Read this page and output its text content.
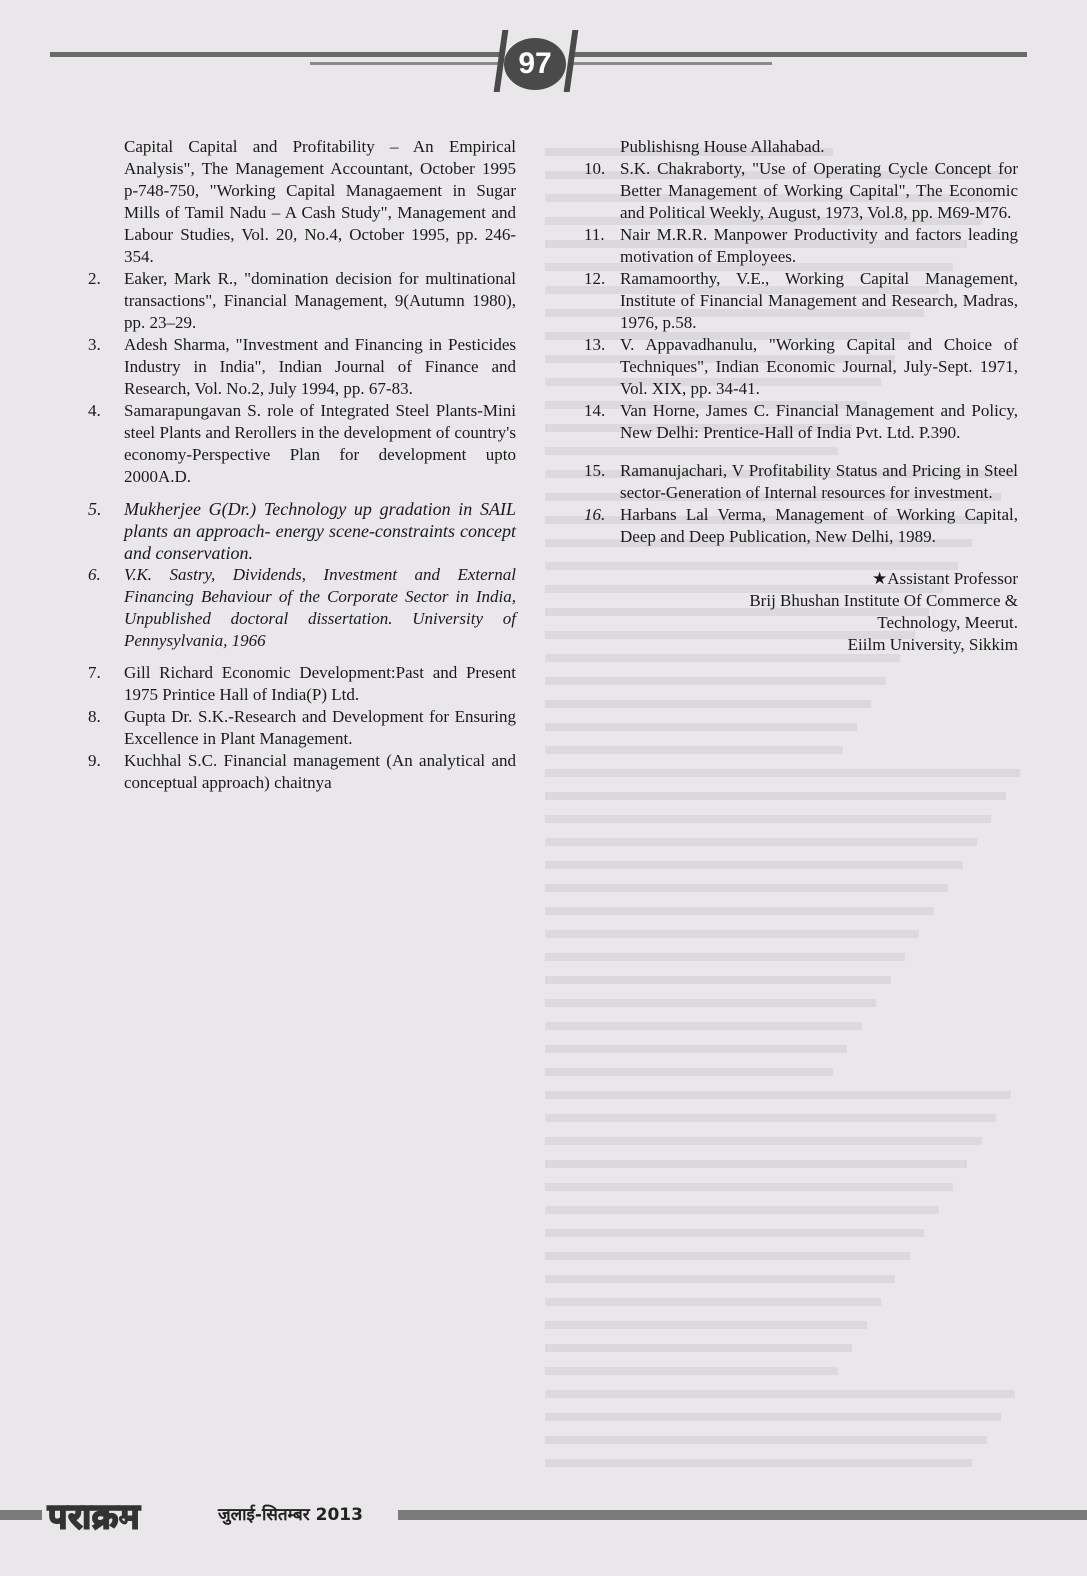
97

Capital Capital and Profitability – An Empirical Analysis", The Management Accountant, October 1995 p-748-750, "Working Capital Managaement in Sugar Mills of Tamil Nadu – A Cash Study", Management and Labour Studies, Vol. 20, No.4, October 1995, pp. 246-354.

2.	Eaker, Mark R., "domination decision for multinational transactions", Financial Management, 9(Autumn 1980), pp. 23–29.

3.	Adesh Sharma, "Investment and Financing in Pesticides Industry in India", Indian Journal of Finance and Research, Vol. No.2, July 1994, pp. 67-83.

4.	Samarapungavan S. role of Integrated Steel Plants-Mini steel Plants and Rerollers in the development of country's economy-Perspective Plan for development upto 2000A.D.

5.	Mukherjee G(Dr.) Technology up gradation in SAIL plants an approach- energy scene-constraints concept and conservation.

6.	V.K. Sastry, Dividends, Investment and External Financing Behaviour of the Corporate Sector in India, Unpublished doctoral dissertation. University of Pennysylvania, 1966

7.	Gill Richard Economic Development:Past and Present 1975 Printice Hall of India(P) Ltd.

8.	Gupta Dr. S.K.-Research and Development for Ensuring Excellence in Plant Management.

9.	Kuchhal S.C. Financial management (An analytical and conceptual approach) chaitnya

Publishisng House Allahabad.

10. S.K. Chakraborty, "Use of Operating Cycle Concept for Better Management of Working Capital", The Economic and Political Weekly, August, 1973, Vol.8, pp. M69-M76.

11. Nair M.R.R. Manpower Productivity and factors leading motivation of Employees.

12. Ramamoorthy, V.E., Working Capital Management, Institute of Financial Management and Research, Madras, 1976, p.58.

13. V. Appavadhanulu, "Working Capital and Choice of Techniques", Indian Economic Journal, July-Sept. 1971, Vol. XIX, pp. 34-41.

14. Van Horne, James C. Financial Management and Policy, New Delhi: Prentice-Hall of India Pvt. Ltd. P.390.

15. Ramanujachari, V Profitability Status and Pricing in Steel sector-Generation of Internal resources for investment.

16. Harbans Lal Verma, Management of Working Capital, Deep and Deep Publication, New Delhi, 1989.

★Assistant Professor
Brij Bhushan Institute Of Commerce &
Technology, Meerut.
Eiilm University, Sikkim
पराक्रम	जुलाई-सितम्बर 2013
